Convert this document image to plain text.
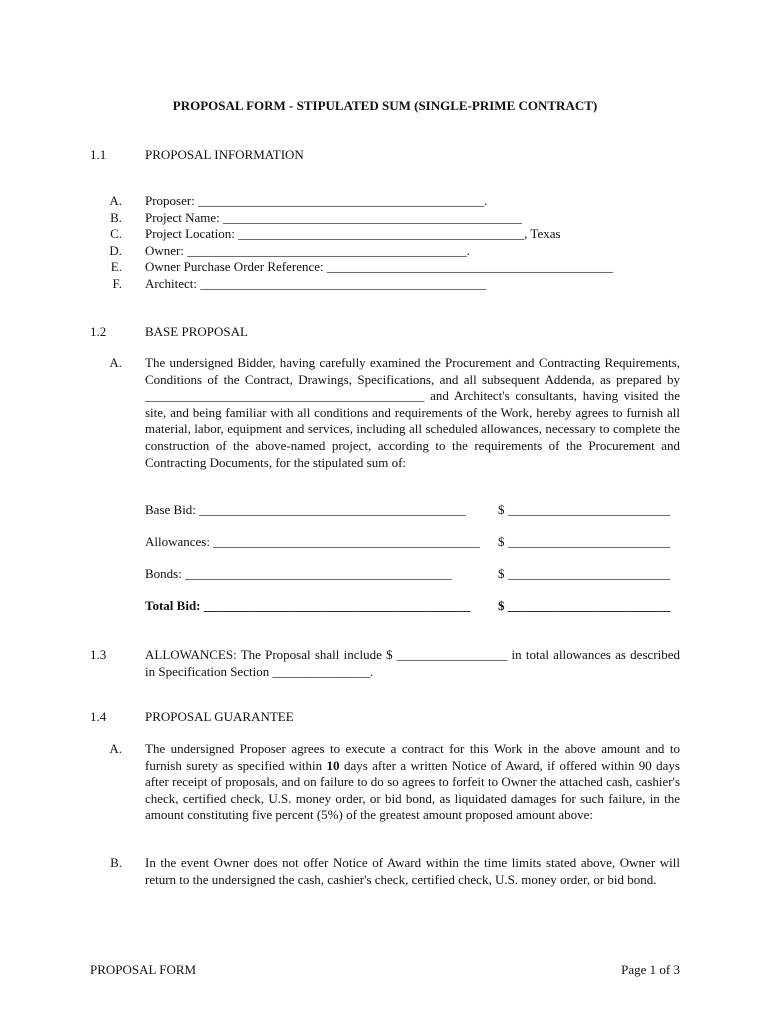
PROPOSAL FORM - STIPULATED SUM (SINGLE-PRIME CONTRACT)
1.1	PROPOSAL INFORMATION
A. Proposer: ____________________________________________.
B. Project Name: ______________________________________________
C. Project Location: ____________________________________________, Texas
D. Owner: ___________________________________________.
E. Owner Purchase Order Reference: ____________________________________________
F. Architect: ____________________________________________
1.2	BASE PROPOSAL
A. The undersigned Bidder, having carefully examined the Procurement and Contracting Requirements, Conditions of the Contract, Drawings, Specifications, and all subsequent Addenda, as prepared by ___________________________________________ and Architect's consultants, having visited the site, and being familiar with all conditions and requirements of the Work, hereby agrees to furnish all material, labor, equipment and services, including all scheduled allowances, necessary to complete the construction of the above-named project, according to the requirements of the Procurement and Contracting Documents, for the stipulated sum of:
Base Bid: _________________________________________ $ _________________________
Allowances: _________________________________________ $ _________________________
Bonds: _________________________________________	$ _________________________
Total Bid: _________________________________________ $ _________________________
1.3	ALLOWANCES: The Proposal shall include $ _________________ in total allowances as described in Specification Section _______________.
1.4	PROPOSAL GUARANTEE
A. The undersigned Proposer agrees to execute a contract for this Work in the above amount and to furnish surety as specified within 10 days after a written Notice of Award, if offered within 90 days after receipt of proposals, and on failure to do so agrees to forfeit to Owner the attached cash, cashier's check, certified check, U.S. money order, or bid bond, as liquidated damages for such failure, in the amount constituting five percent (5%) of the greatest amount proposed amount above:
B. In the event Owner does not offer Notice of Award within the time limits stated above, Owner will return to the undersigned the cash, cashier's check, certified check, U.S. money order, or bid bond.
PROPOSAL FORM	Page 1 of 3
